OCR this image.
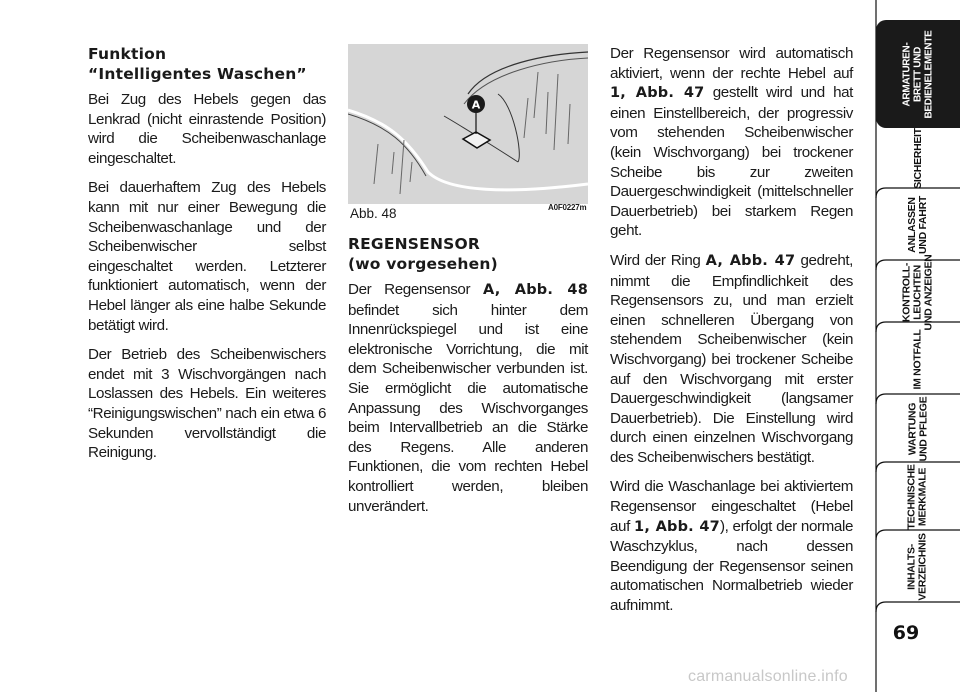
Funktion
“Intelligentes Waschen”

Bei Zug des Hebels gegen das Lenkrad (nicht einrastende Position) wird die Scheibenwaschanlage eingeschaltet.

Bei dauerhaftem Zug des Hebels kann mit nur einer Bewegung die Scheibenwaschanlage und der Scheibenwischer selbst eingeschaltet werden. Letzterer funktioniert automatisch, wenn der Hebel länger als eine halbe Sekunde betätigt wird.

Der Betrieb des Scheibenwischers endet mit 3 Wischvorgängen nach Loslassen des Hebels. Ein weiteres “Reinigungswischen” nach ein etwa 6 Sekunden vervollständigt die Reinigung.

A
Abb. 48	A0F0227m
REGENSENSOR
(wo vorgesehen)

Der Regensensor A, Abb. 48 befindet sich hinter dem Innenrückspiegel und ist eine elektronische Vorrichtung, die mit dem Scheibenwischer verbunden ist. Sie ermöglicht die automatische Anpassung des Wischvorganges beim Intervallbetrieb an die Stärke des Regens. Alle anderen Funktionen, die vom rechten Hebel kontrolliert werden, bleiben unverändert.

Der Regensensor wird automatisch aktiviert, wenn der rechte Hebel auf 1, Abb. 47 gestellt wird und hat einen Einstellbereich, der progressiv vom stehenden Scheibenwischer (kein Wischvorgang) bei trockener Scheibe bis zur zweiten Dauergeschwindigkeit (mittelschneller Dauerbetrieb) bei starkem Regen geht.

Wird der Ring A, Abb. 47 gedreht, nimmt die Empfindlichkeit des Regensensors zu, und man erzielt einen schnelleren Übergang von stehendem Scheibenwischer (kein Wischvorgang) bei trockener Scheibe auf den Wischvorgang mit erster Dauergeschwindigkeit (langsamer Dauerbetrieb). Die Einstellung wird durch einen einzelnen Wischvorgang des Scheibenwischers bestätigt.

Wird die Waschanlage bei aktiviertem Regensensor eingeschaltet (Hebel auf 1, Abb. 47), erfolgt der normale Waschzyklus, nach dessen Beendigung der Regensensor seinen automatischen Normalbetrieb wieder aufnimmt.

ARMATUREN-
BRETT UND
BEDIENELEMENTE
SICHERHEIT
ANLASSEN
UND FAHRT
KONTROLL-
LEUCHTEN
UND ANZEIGEN
IM NOTFALL
WARTUNG
UND PFLEGE
TECHNISCHE
MERKMALE
INHALTS-
VERZEICHNIS
69
carmanualsonline.info
